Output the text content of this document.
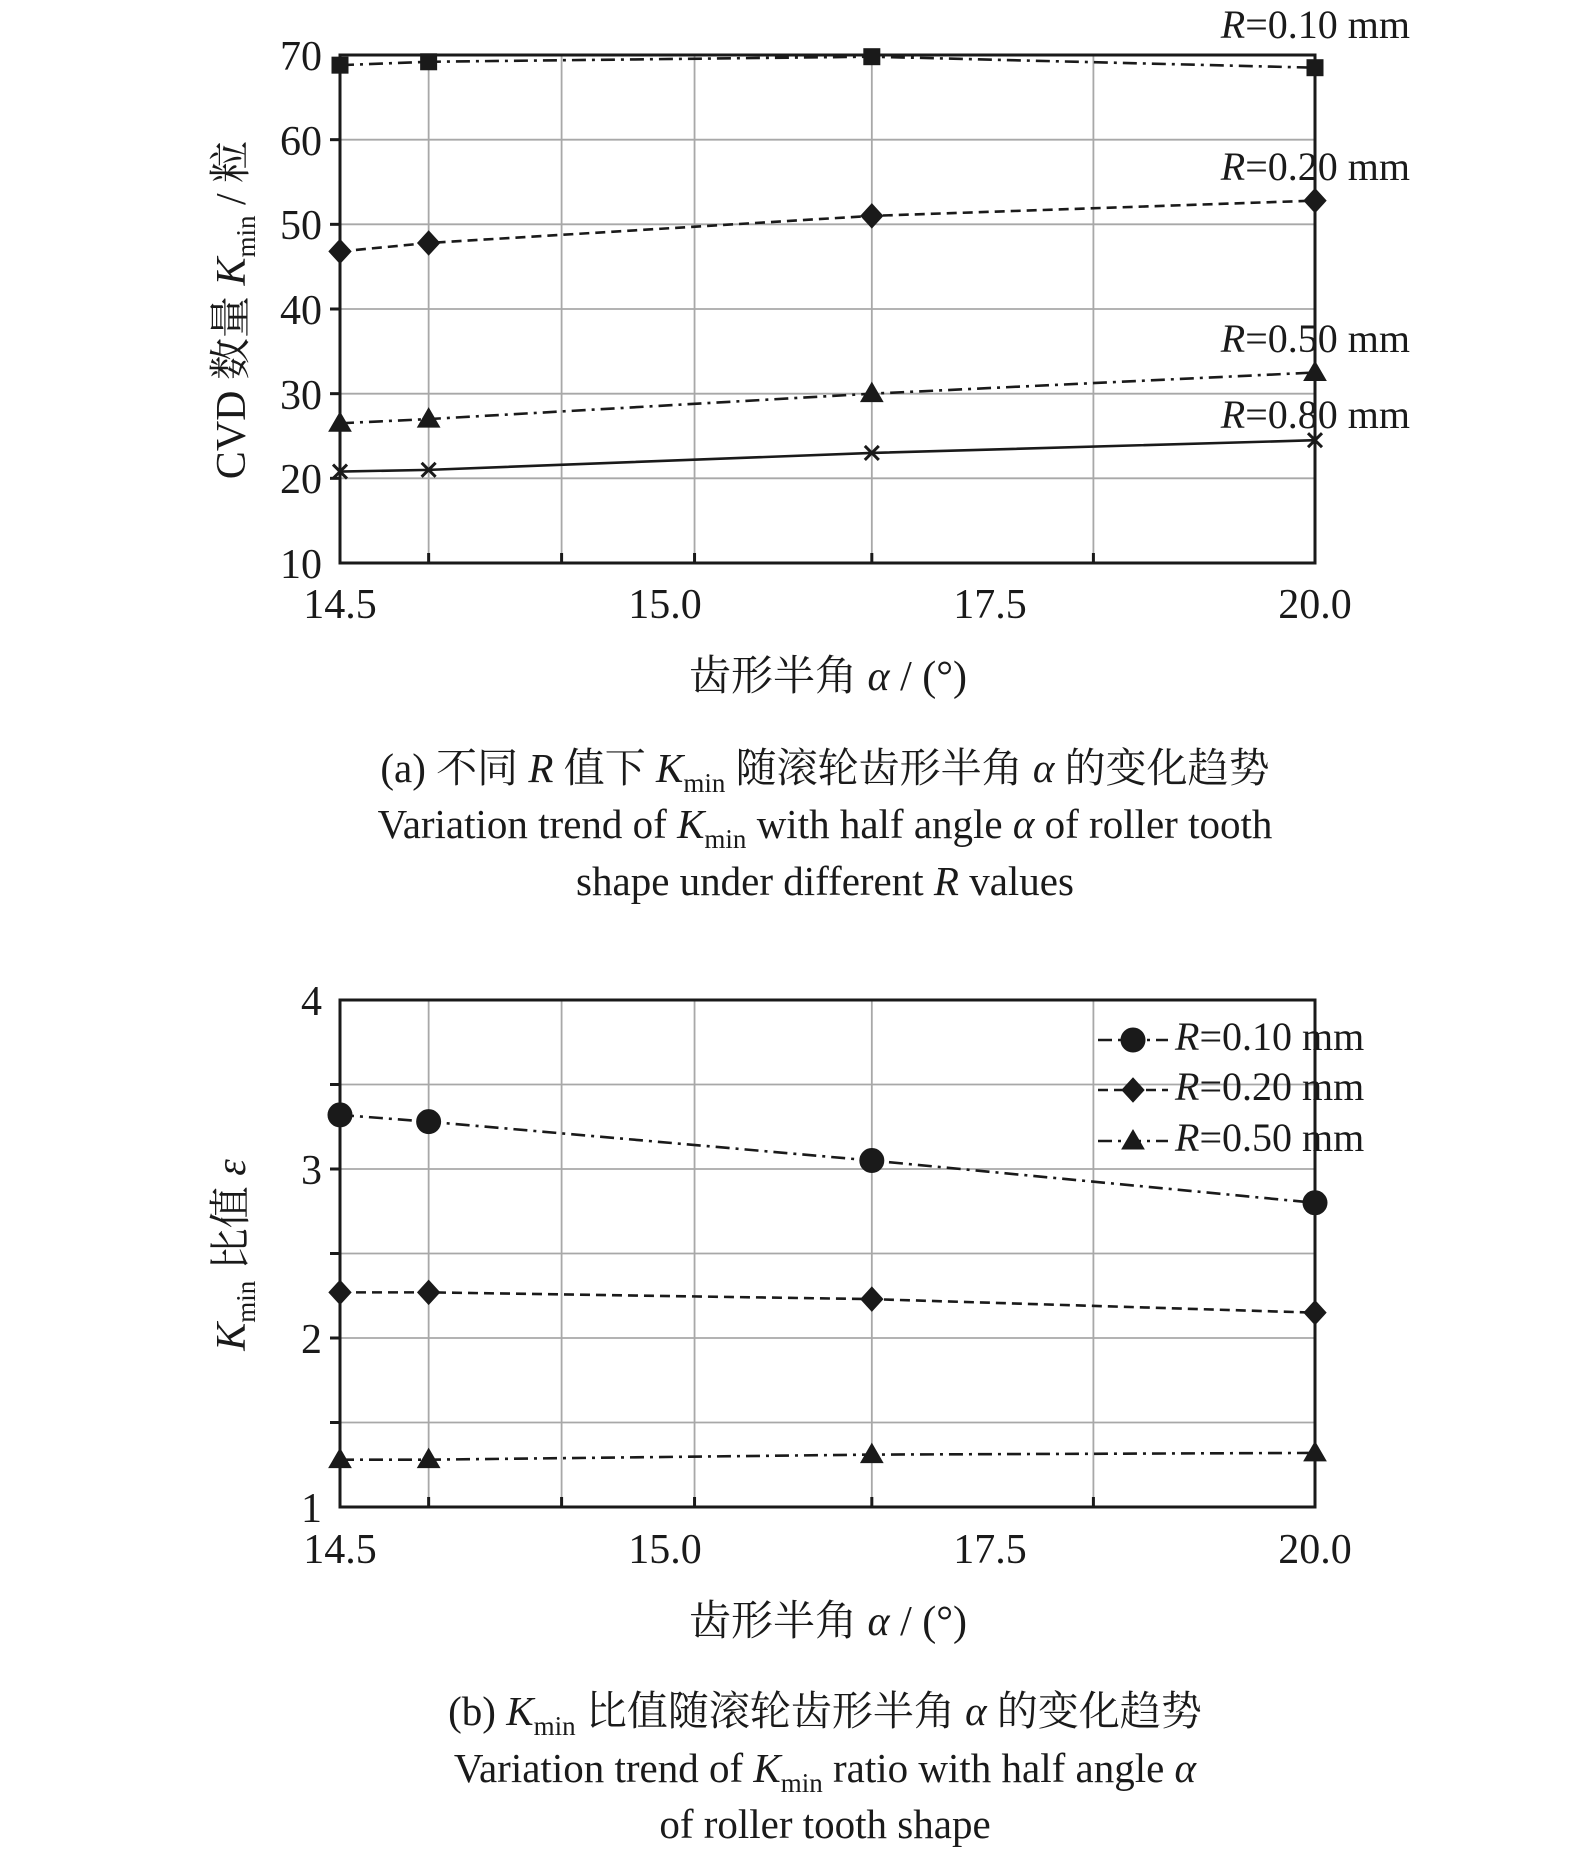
70
60
50
40
30
20
10
14.5	15.0	17.5	20.0
齿形半角 α / (°)
CVD 数量 $K_{min}$ / 粒
R=0.10 mm
R=0.20 mm
R=0.50 mm
R=0.80 mm
(a) 不同 R 值下 $K_{min}$ 随滚轮齿形半角 α 的变化趋势
Variation trend of $K_{min}$ with half angle α of roller tooth
shape under different R values
4
3
2
1
14.5	15.0	17.5	20.0
齿形半角 α / (°)
$K_{min}$ 比值 ε
R=0.10 mm
R=0.20 mm
R=0.50 mm
(b) $K_{min}$ 比值随滚轮齿形半角 α 的变化趋势
Variation trend of $K_{min}$ ratio with half angle α
of roller tooth shape
